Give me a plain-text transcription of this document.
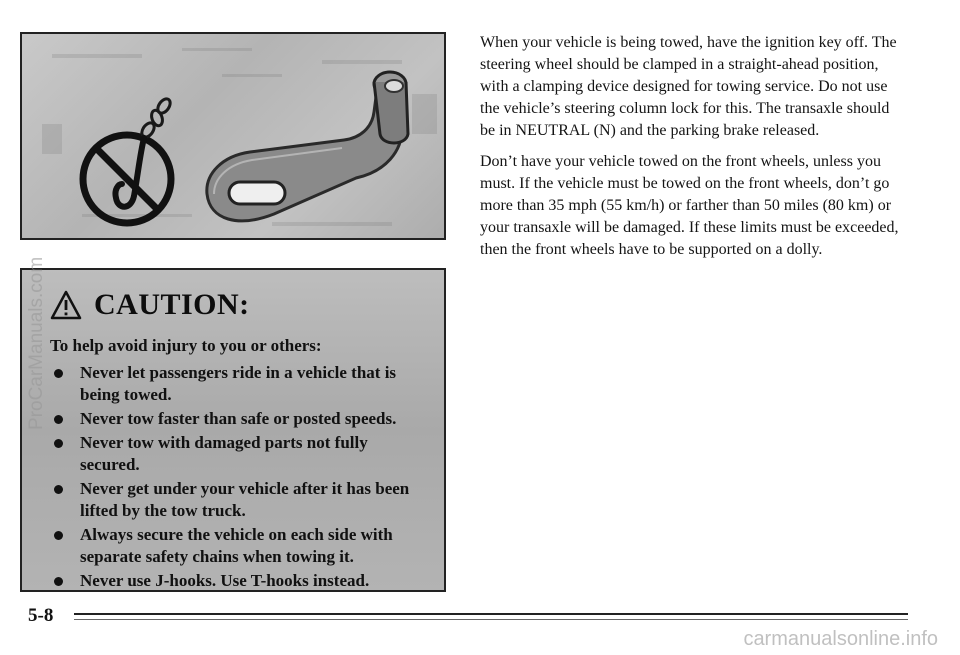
CAUTION:
To help avoid injury to you or others:
Never let passengers ride in a vehicle that is being towed.
Never tow faster than safe or posted speeds.
Never tow with damaged parts not fully secured.
Never get under your vehicle after it has been lifted by the tow truck.
Always secure the vehicle on each side with separate safety chains when towing it.
Never use J-hooks. Use T-hooks instead.

When your vehicle is being towed, have the ignition key off. The steering wheel should be clamped in a straight-ahead position, with a clamping device designed for towing service. Do not use the vehicle’s steering column lock for this. The transaxle should be in NEUTRAL (N) and the parking brake released.

Don’t have your vehicle towed on the front wheels, unless you must. If the vehicle must be towed on the front wheels, don’t go more than 35 mph (55 km/h) or farther than 50 miles (80 km) or your transaxle will be damaged. If these limits must be exceeded, then the front wheels have to be supported on a dolly.

5-8
ProCarManuals.com
carmanualsonline.info
